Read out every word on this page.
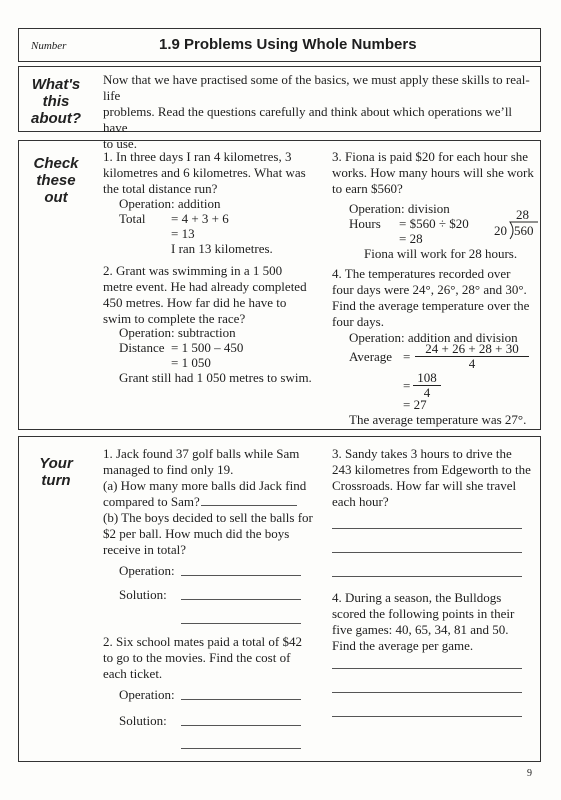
Number	1.9 Problems Using Whole Numbers
What's
this
about?
Now that we have practised some of the basics, we must apply these skills to real-life
problems. Read the questions carefully and think about which operations we’ll have
to use.
Check
these
out
1. In three days I ran 4 kilometres, 3
kilometres and 6 kilometres. What was
the total distance run?
Operation: addition
Total = 4 + 3 + 6
= 13
I ran 13 kilometres.
2. Grant was swimming in a 1 500
metre event. He had already completed
450 metres. How far did he have to
swim to complete the race?
Operation: subtraction
Distance = 1 500 – 450
= 1 050
Grant still had 1 050 metres to swim.
3. Fiona is paid $20 for each hour she
works. How many hours will she work
to earn $560?
Operation: division
Hours = $560 ÷ $20
= 28
28
20 560
Fiona will work for 28 hours.
4. The temperatures recorded over
four days were 24°, 26°, 28° and 30°.
Find the average temperature over the
four days.
Operation: addition and division
Average = $\frac{24 + 26 + 28 + 30}{4}$
= $\frac{108}{4}$
= 27
The average temperature was 27°.
Your
turn
1. Jack found 37 golf balls while Sam
managed to find only 19.
(a) How many more balls did Jack find
compared to Sam?
(b) The boys decided to sell the balls for
$2 per ball. How much did the boys
receive in total?
Operation:
Solution:
2. Six school mates paid a total of $42
to go to the movies. Find the cost of
each ticket.
Operation:
Solution:
3. Sandy takes 3 hours to drive the
243 kilometres from Edgeworth to the
Crossroads. How far will she travel
each hour?
4. During a season, the Bulldogs
scored the following points in their
five games: 40, 65, 34, 81 and 50.
Find the average per game.
9
